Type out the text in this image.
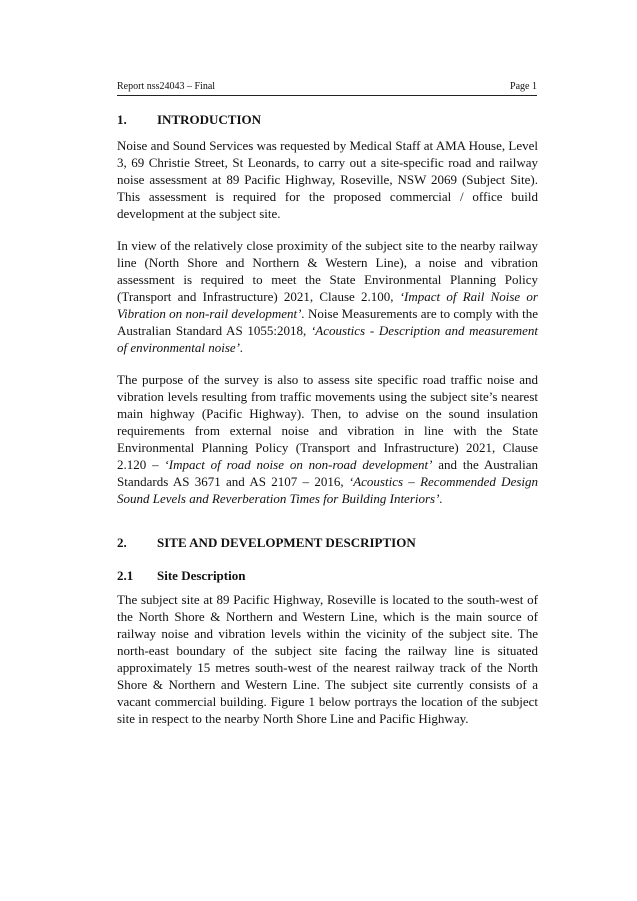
Report nss24043 – Final	Page 1
1. INTRODUCTION

Noise and Sound Services was requested by Medical Staff at AMA House, Level 3, 69 Christie Street, St Leonards, to carry out a site-specific road and railway noise assessment at 89 Pacific Highway, Roseville, NSW 2069 (Subject Site). This assessment is required for the proposed commercial / office build development at the subject site.

In view of the relatively close proximity of the subject site to the nearby railway line (North Shore and Northern & Western Line), a noise and vibration assessment is required to meet the State Environmental Planning Policy (Transport and Infrastructure) 2021, Clause 2.100, ‘Impact of Rail Noise or Vibration on non-rail development’. Noise Measurements are to comply with the Australian Standard AS 1055:2018, ‘Acoustics - Description and measurement of environmental noise’.

The purpose of the survey is also to assess site specific road traffic noise and vibration levels resulting from traffic movements using the subject site’s nearest main highway (Pacific Highway). Then, to advise on the sound insulation requirements from external noise and vibration in line with the State Environmental Planning Policy (Transport and Infrastructure) 2021, Clause 2.120 – ‘Impact of road noise on non-road development’ and the Australian Standards AS 3671 and AS 2107 – 2016, ‘Acoustics – Recommended Design Sound Levels and Reverberation Times for Building Interiors’.

2. SITE AND DEVELOPMENT DESCRIPTION
2.1 Site Description

The subject site at 89 Pacific Highway, Roseville is located to the south-west of the North Shore & Northern and Western Line, which is the main source of railway noise and vibration levels within the vicinity of the subject site. The north-east boundary of the subject site facing the railway line is situated approximately 15 metres south-west of the nearest railway track of the North Shore & Northern and Western Line. The subject site currently consists of a vacant commercial building. Figure 1 below portrays the location of the subject site in respect to the nearby North Shore Line and Pacific Highway.
